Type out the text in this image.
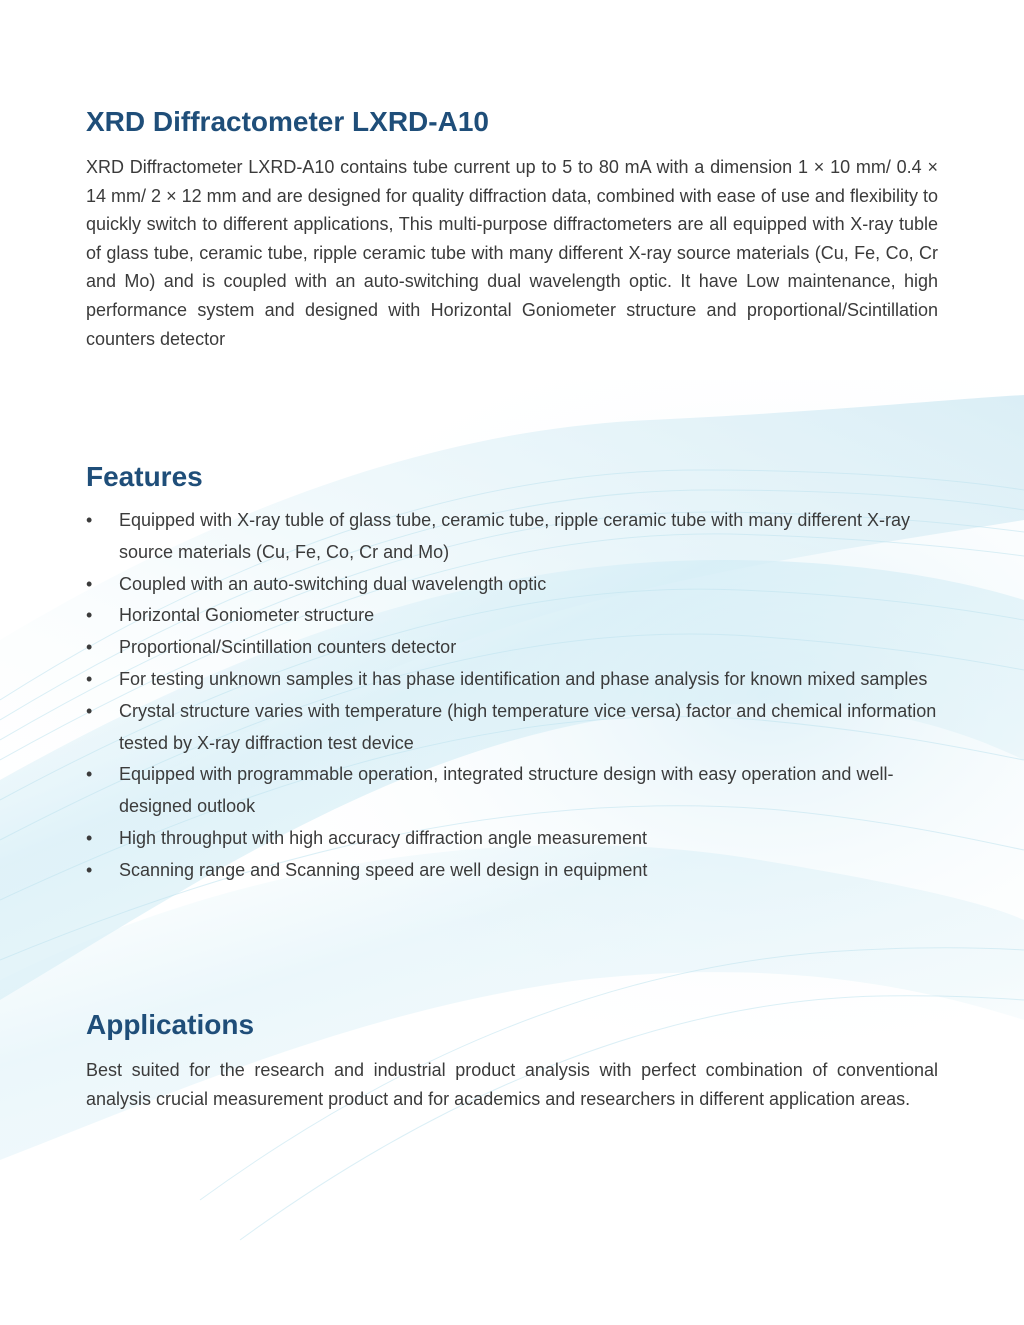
XRD Diffractometer LXRD-A10

XRD Diffractometer LXRD-A10 contains tube current up to 5 to 80 mA with a dimension 1 × 10 mm/ 0.4 × 14 mm/ 2 × 12 mm and are designed for quality diffraction data, combined with ease of use and flexibility to quickly switch to different applications, This multi-purpose diffractometers are all equipped with X-ray tuble of glass tube, ceramic tube, ripple ceramic tube with many different X-ray source materials (Cu, Fe, Co, Cr and Mo) and is coupled with an auto-switching dual wavelength optic. It have Low maintenance, high performance system and designed with Horizontal Goniometer structure and proportional/Scintillation counters detector

Features
•	Equipped with X-ray tuble of glass tube, ceramic tube, ripple ceramic tube with many different X-ray source materials (Cu, Fe, Co, Cr and Mo)
•	Coupled with an auto-switching dual wavelength optic
•	Horizontal Goniometer structure
•	Proportional/Scintillation counters detector
•	For testing unknown samples it has phase identification and phase analysis for known mixed samples
•	Crystal structure varies with temperature (high temperature vice versa) factor and chemical information tested by X-ray diffraction test device
•	Equipped with programmable operation, integrated structure design with easy operation and well-designed outlook
•	High throughput with high accuracy diffraction angle measurement
•	Scanning range and Scanning speed are well design in equipment
Applications

Best suited for the research and industrial product analysis with perfect combination of conventional analysis crucial measurement product and for academics and researchers in different application areas.
